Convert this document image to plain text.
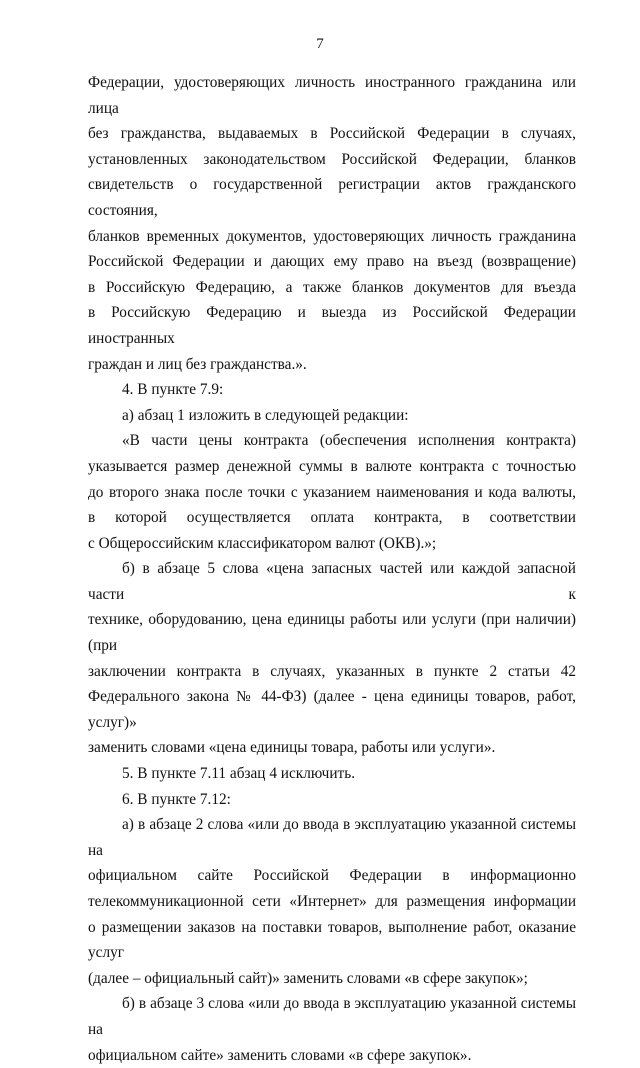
7

Федерации, удостоверяющих личность иностранного гражданина или лица
без гражданства, выдаваемых в Российской Федерации в случаях,
установленных законодательством Российской Федерации, бланков
свидетельств о государственной регистрации актов гражданского состояния,
бланков временных документов, удостоверяющих личность гражданина
Российской Федерации и дающих ему право на въезд (возвращение)
в Российскую Федерацию, а также бланков документов для въезда
в Российскую Федерацию и выезда из Российской Федерации иностранных
граждан и лиц без гражданства.».

4. В пункте 7.9:

а) абзац 1 изложить в следующей редакции:

«В части цены контракта (обеспечения исполнения контракта)
указывается размер денежной суммы в валюте контракта с точностью
до второго знака после точки с указанием наименования и кода валюты,
в которой осуществляется оплата контракта, в соответствии
с Общероссийским классификатором валют (ОКВ).»;

б) в абзаце 5 слова «цена запасных частей или каждой запасной части к
технике, оборудованию, цена единицы работы или услуги (при наличии) (при
заключении контракта в случаях, указанных в пункте 2 статьи 42
Федерального закона № 44-ФЗ) (далее - цена единицы товаров, работ, услуг)»
заменить словами «цена единицы товара, работы или услуги».

5. В пункте 7.11 абзац 4 исключить.

6. В пункте 7.12:

а) в абзаце 2 слова «или до ввода в эксплуатацию указанной системы на
официальном сайте Российской Федерации в информационно
телекоммуникационной сети «Интернет» для размещения информации
о размещении заказов на поставки товаров, выполнение работ, оказание услуг
(далее – официальный сайт)» заменить словами «в сфере закупок»;

б) в абзаце 3 слова «или до ввода в эксплуатацию указанной системы на
официальном сайте» заменить словами «в сфере закупок».
